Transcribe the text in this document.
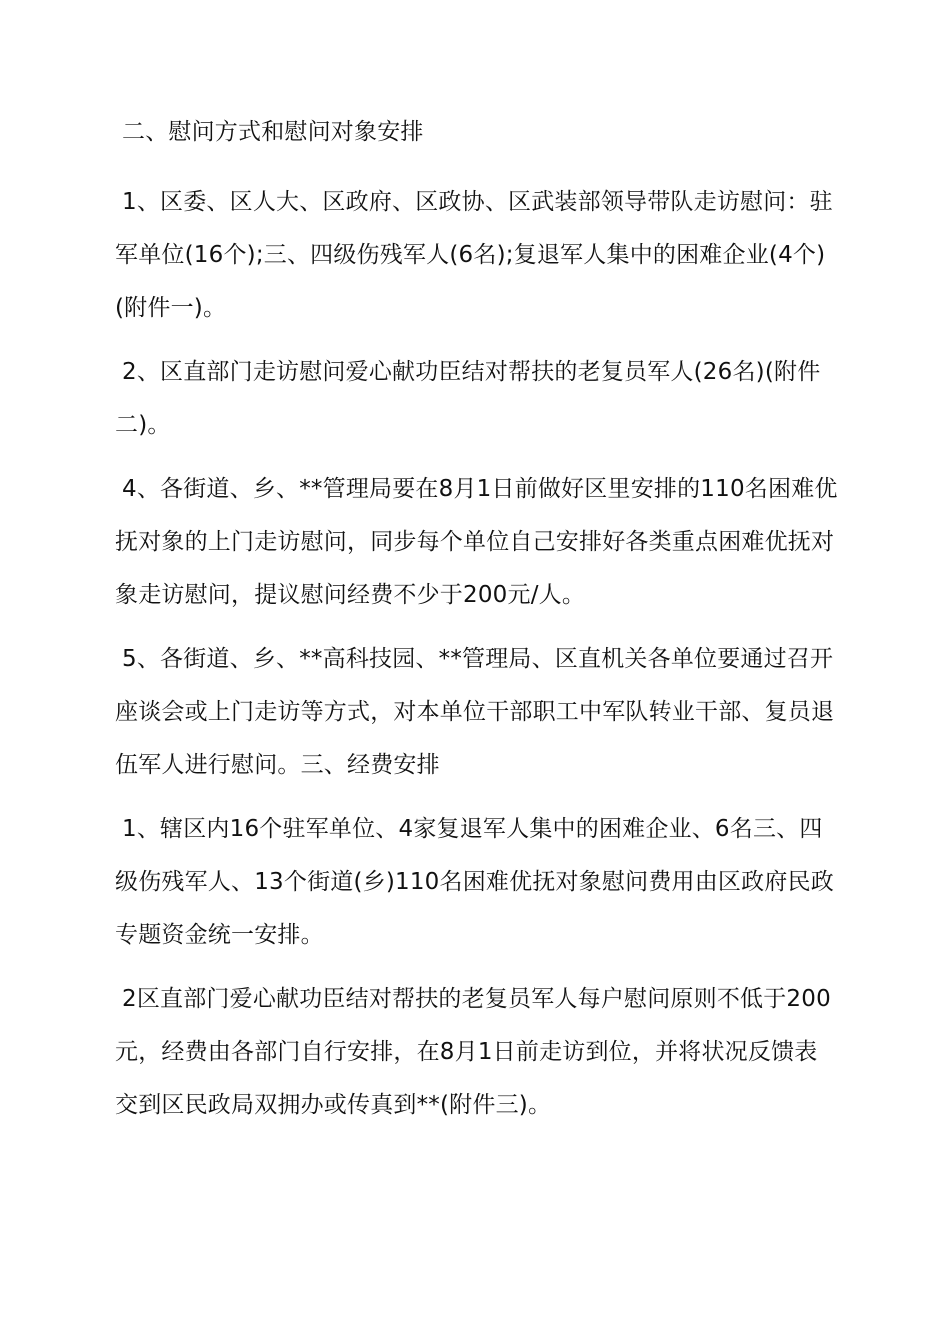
二、慰问方式和慰问对象安排

1、区委、区人大、区政府、区政协、区武装部领导带队走访慰问：驻军单位(16个);三、四级伤残军人(6名);复退军人集中的困难企业(4个)(附件一)。

2、区直部门走访慰问爱心献功臣结对帮扶的老复员军人(26名)(附件二)。

4、各街道、乡、**管理局要在8月1日前做好区里安排的110名困难优抚对象的上门走访慰问，同步每个单位自己安排好各类重点困难优抚对象走访慰问，提议慰问经费不少于200元/人。

5、各街道、乡、**高科技园、**管理局、区直机关各单位要通过召开座谈会或上门走访等方式，对本单位干部职工中军队转业干部、复员退伍军人进行慰问。三、经费安排

1、辖区内16个驻军单位、4家复退军人集中的困难企业、6名三、四级伤残军人、13个街道(乡)110名困难优抚对象慰问费用由区政府民政专题资金统一安排。

2区直部门爱心献功臣结对帮扶的老复员军人每户慰问原则不低于200元，经费由各部门自行安排，在8月1日前走访到位，并将状况反馈表交到区民政局双拥办或传真到**(附件三)。
